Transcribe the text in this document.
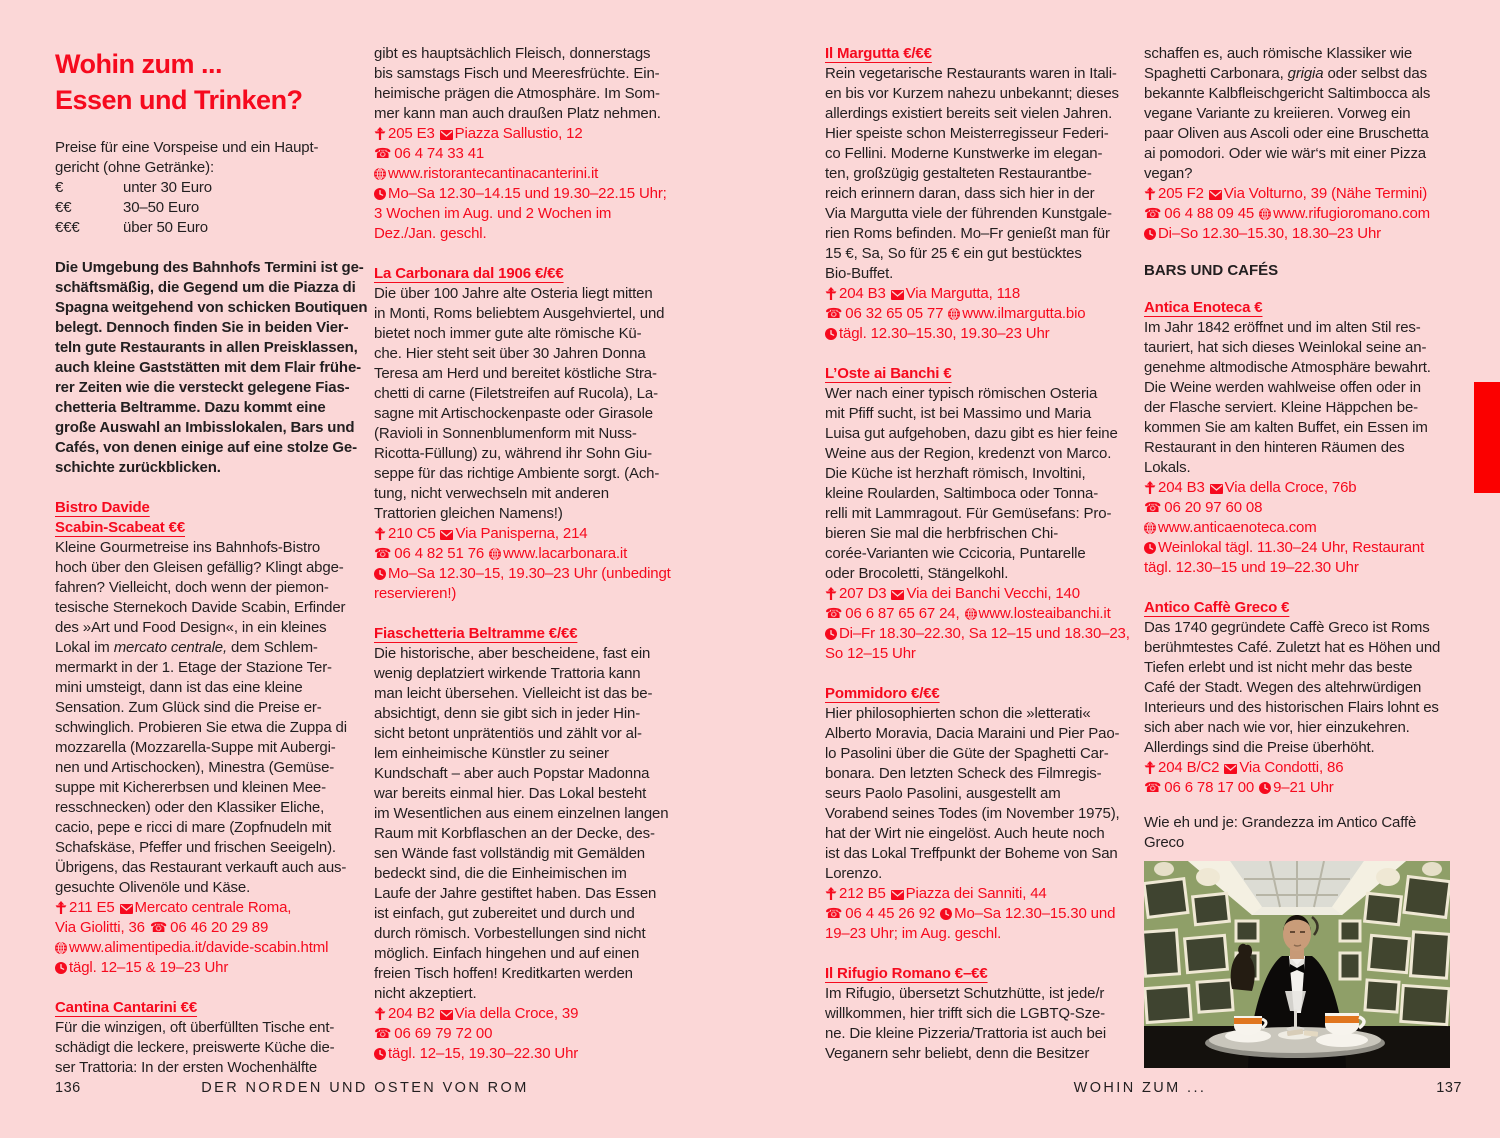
Wohin zum ...
Essen und Trinken?
Preise für eine Vorspeise und ein Haupt-
gericht (ohne Getränke):
€	unter 30 Euro
€€	30–50 Euro
€€€	über 50 Euro
Die Umgebung des Bahnhofs Termini ist ge-
schäftsmäßig, die Gegend um die Piazza di
Spagna weitgehend von schicken Boutiquen
belegt. Dennoch finden Sie in beiden Vier-
teln gute Restaurants in allen Preisklassen,
auch kleine Gaststätten mit dem Flair frühe-
rer Zeiten wie die versteckt gelegene Fias-
chetteria Beltramme. Dazu kommt eine
große Auswahl an Imbisslokalen, Bars und
Cafés, von denen einige auf eine stolze Ge-
schichte zurückblicken.
Bistro Davide
Scabin-Scabeat €€
Kleine Gourmetreise ins Bahnhofs-Bistro
hoch über den Gleisen gefällig? Klingt abge-
fahren? Vielleicht, doch wenn der piemon-
tesische Sternekoch Davide Scabin, Erfinder
des »Art und Food Design«, in ein kleines
Lokal im mercato centrale, dem Schlem-
mermarkt in der 1. Etage der Stazione Ter-
mini umsteigt, dann ist das eine kleine
Sensation. Zum Glück sind die Preise er-
schwinglich. Probieren Sie etwa die Zuppa di
mozzarella (Mozzarella-Suppe mit Aubergi-
nen und Artischocken), Minestra (Gemüse-
suppe mit Kichererbsen und kleinen Mee-
resschnecken) oder den Klassiker Eliche,
cacio, pepe e ricci di mare (Zopfnudeln mit
Schafskäse, Pfeffer und frischen Seeigeln).
Übrigens, das Restaurant verkauft auch aus-
gesuchte Olivenöle und Käse.
211 E5 Mercato centrale Roma,
Via Giolitti, 36 ☎ 06 46 20 29 89
www.alimentipedia.it/davide-scabin.html
tägl. 12–15 & 19–23 Uhr
Cantina Cantarini €€
Für die winzigen, oft überfüllten Tische ent-
schädigt die leckere, preiswerte Küche die-
ser Trattoria: In der ersten Wochenhälfte
gibt es hauptsächlich Fleisch, donnerstags
bis samstags Fisch und Meeresfrüchte. Ein-
heimische prägen die Atmosphäre. Im Som-
mer kann man auch draußen Platz nehmen.
205 E3 Piazza Sallustio, 12
☎ 06 4 74 33 41
www.ristorantecantinacanterini.it
Mo–Sa 12.30–14.15 und 19.30–22.15 Uhr;
3 Wochen im Aug. und 2 Wochen im
Dez./Jan. geschl.
La Carbonara dal 1906 €/€€
Die über 100 Jahre alte Osteria liegt mitten
in Monti, Roms beliebtem Ausgehviertel, und
bietet noch immer gute alte römische Kü-
che. Hier steht seit über 30 Jahren Donna
Teresa am Herd und bereitet köstliche Stra-
chetti di carne (Filetstreifen auf Rucola), La-
sagne mit Artischockenpaste oder Girasole
(Ravioli in Sonnenblumenform mit Nuss-
Ricotta-Füllung) zu, während ihr Sohn Giu-
seppe für das richtige Ambiente sorgt. (Ach-
tung, nicht verwechseln mit anderen
Trattorien gleichen Namens!)
210 C5 Via Panisperna, 214
☎ 06 4 82 51 76 www.lacarbonara.it
Mo–Sa 12.30–15, 19.30–23 Uhr (unbedingt
reservieren!)
Fiaschetteria Beltramme €/€€
Die historische, aber bescheidene, fast ein
wenig deplatziert wirkende Trattoria kann
man leicht übersehen. Vielleicht ist das be-
absichtigt, denn sie gibt sich in jeder Hin-
sicht betont unprätentiös und zählt vor al-
lem einheimische Künstler zu seiner
Kundschaft – aber auch Popstar Madonna
war bereits einmal hier. Das Lokal besteht
im Wesentlichen aus einem einzelnen langen
Raum mit Korbflaschen an der Decke, des-
sen Wände fast vollständig mit Gemälden
bedeckt sind, die die Einheimischen im
Laufe der Jahre gestiftet haben. Das Essen
ist einfach, gut zubereitet und durch und
durch römisch. Vorbestellungen sind nicht
möglich. Einfach hingehen und auf einen
freien Tisch hoffen! Kreditkarten werden
nicht akzeptiert.
204 B2 Via della Croce, 39
☎ 06 69 79 72 00
tägl. 12–15, 19.30–22.30 Uhr
Il Margutta €/€€
Rein vegetarische Restaurants waren in Itali-
en bis vor Kurzem nahezu unbekannt; dieses
allerdings existiert bereits seit vielen Jahren.
Hier speiste schon Meisterregisseur Federi-
co Fellini. Moderne Kunstwerke im elegan-
ten, großzügig gestalteten Restaurantbe-
reich erinnern daran, dass sich hier in der
Via Margutta viele der führenden Kunstgale-
rien Roms befinden. Mo–Fr genießt man für
15 €, Sa, So für 25 € ein gut bestücktes
Bio-Buffet.
204 B3 Via Margutta, 118
☎ 06 32 65 05 77 www.ilmargutta.bio
tägl. 12.30–15.30, 19.30–23 Uhr
L’Oste ai Banchi €
Wer nach einer typisch römischen Osteria
mit Pfiff sucht, ist bei Massimo und Maria
Luisa gut aufgehoben, dazu gibt es hier feine
Weine aus der Region, kredenzt von Marco.
Die Küche ist herzhaft römisch, Involtini,
kleine Roularden, Saltimboca oder Tonna-
relli mit Lammragout. Für Gemüsefans: Pro-
bieren Sie mal die herbfrischen Chi-
corée-Varianten wie Ccicoria, Puntarelle
oder Brocoletti, Stängelkohl.
207 D3 Via dei Banchi Vecchi, 140
☎ 06 6 87 65 67 24, www.losteaibanchi.it
Di–Fr 18.30–22.30, Sa 12–15 und 18.30–23,
So 12–15 Uhr
Pommidoro €/€€
Hier philosophierten schon die »letterati«
Alberto Moravia, Dacia Maraini und Pier Pao-
lo Pasolini über die Güte der Spaghetti Car-
bonara. Den letzten Scheck des Filmregis-
seurs Paolo Pasolini, ausgestellt am
Vorabend seines Todes (im November 1975),
hat der Wirt nie eingelöst. Auch heute noch
ist das Lokal Treffpunkt der Boheme von San
Lorenzo.
212 B5 Piazza dei Sanniti, 44
☎ 06 4 45 26 92 Mo–Sa 12.30–15.30 und
19–23 Uhr; im Aug. geschl.
Il Rifugio Romano €–€€
Im Rifugio, übersetzt Schutzhütte, ist jede/r
willkommen, hier trifft sich die LGBTQ-Sze-
ne. Die kleine Pizzeria/Trattoria ist auch bei
Veganern sehr beliebt, denn die Besitzer
schaffen es, auch römische Klassiker wie
Spaghetti Carbonara, grigia oder selbst das
bekannte Kalbfleischgericht Saltimbocca als
vegane Variante zu kreiieren. Vorweg ein
paar Oliven aus Ascoli oder eine Bruschetta
ai pomodori. Oder wie wär‘s mit einer Pizza
vegan?
205 F2 Via Volturno, 39 (Nähe Termini)
☎ 06 4 88 09 45 www.rifugioromano.com
Di–So 12.30–15.30, 18.30–23 Uhr
BARS UND CAFÉS
Antica Enoteca €
Im Jahr 1842 eröffnet und im alten Stil res-
tauriert, hat sich dieses Weinlokal seine an-
genehme altmodische Atmosphäre bewahrt.
Die Weine werden wahlweise offen oder in
der Flasche serviert. Kleine Häppchen be-
kommen Sie am kalten Buffet, ein Essen im
Restaurant in den hinteren Räumen des
Lokals.
204 B3 Via della Croce, 76b
☎ 06 20 97 60 08
www.anticaenoteca.com
Weinlokal tägl. 11.30–24 Uhr, Restaurant
tägl. 12.30–15 und 19–22.30 Uhr
Antico Caffè Greco €
Das 1740 gegründete Caffè Greco ist Roms
berühmtestes Café. Zuletzt hat es Höhen und
Tiefen erlebt und ist nicht mehr das beste
Café der Stadt. Wegen des altehrwürdigen
Interieurs und des historischen Flairs lohnt es
sich aber nach wie vor, hier einzukehren.
Allerdings sind die Preise überhöht.
204 B/C2 Via Condotti, 86
☎ 06 6 78 17 00 9–21 Uhr
Wie eh und je: Grandezza im Antico Caffè Greco
136	DER NORDEN UND OSTEN VON ROM	WOHIN ZUM ...	137
